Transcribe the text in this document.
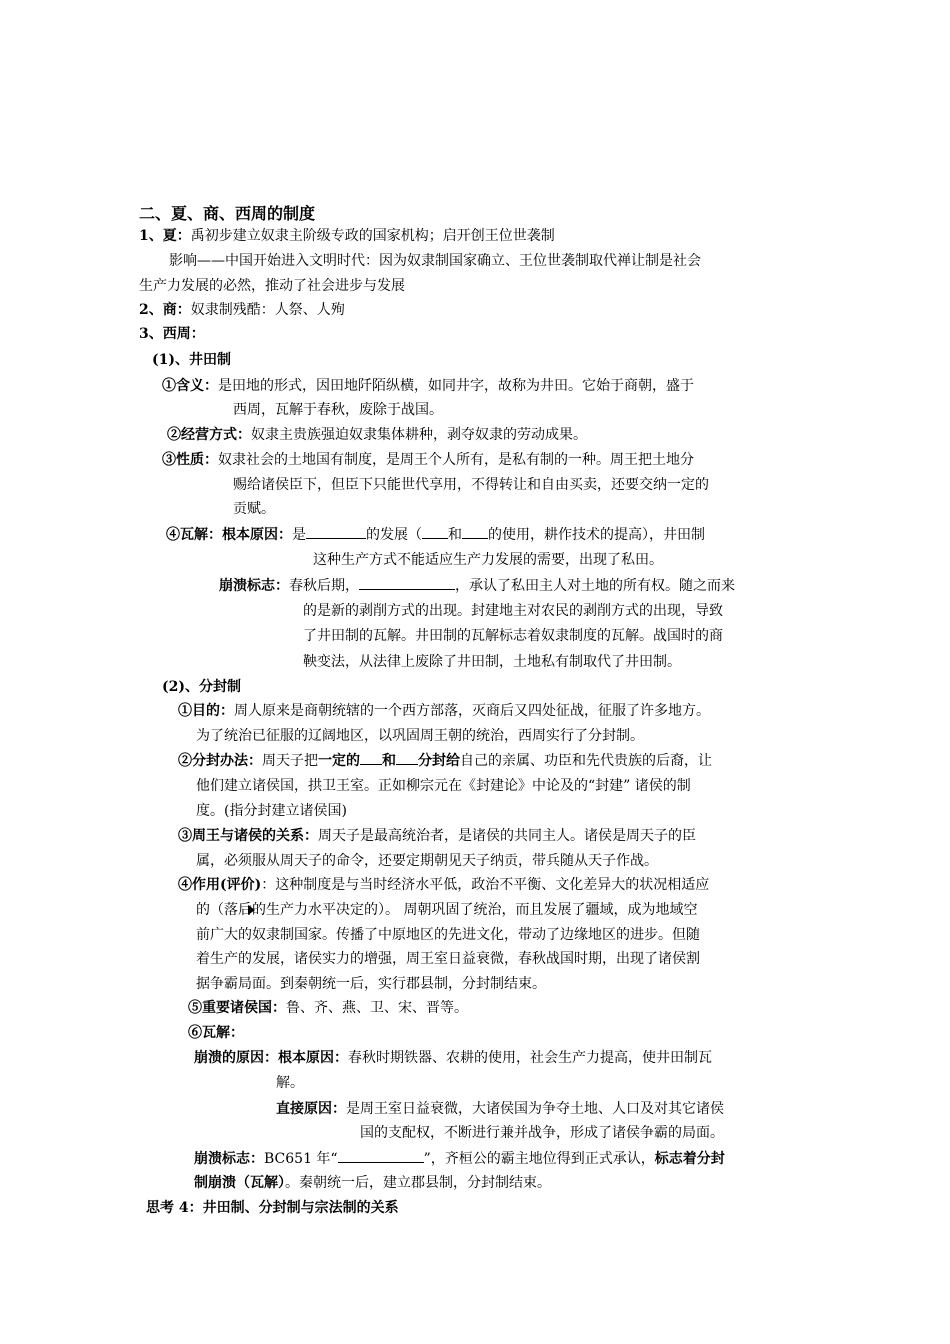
二、夏、商、西周的制度
1、夏：禹初步建立奴隶主阶级专政的国家机构；启开创王位世袭制
影响——中国开始进入文明时代：因为奴隶制国家确立、王位世袭制取代禅让制是社会
生产力发展的必然，推动了社会进步与发展
2、商：奴隶制残酷：人祭、人殉
3、西周：
(1)、井田制
①含义：是田地的形式，因田地阡陌纵横，如同井字，故称为井田。它始于商朝，盛于
西周，瓦解于春秋，废除于战国。
②经营方式：奴隶主贵族强迫奴隶集体耕种，剥夺奴隶的劳动成果。
③性质：奴隶社会的土地国有制度，是周王个人所有，是私有制的一种。周王把土地分
赐给诸侯臣下，但臣下只能世代享用，不得转让和自由买卖，还要交纳一定的
贡赋。
④瓦解：根本原因：是	的发展（ 和 的使用，耕作技术的提高），井田制
这种生产方式不能适应生产力发展的需要，出现了私田。
崩溃标志：春秋后期，	，承认了私田主人对土地的所有权。随之而来
的是新的剥削方式的出现。封建地主对农民的剥削方式的出现，导致
了井田制的瓦解。井田制的瓦解标志着奴隶制度的瓦解。战国时的商
鞅变法，从法律上废除了井田制，土地私有制取代了井田制。
(2)、分封制
①目的：周人原来是商朝统辖的一个西方部落，灭商后又四处征战，征服了许多地方。
为了统治已征服的辽阔地区，以巩固周王朝的统治，西周实行了分封制。
②分封办法：周天子把一定的 和 分封给自己的亲属、功臣和先代贵族的后裔，让
他们建立诸侯国，拱卫王室。正如柳宗元在《封建论》中论及的“封建” 诸侯的制
度。(指分封建立诸侯国)
③周王与诸侯的关系：周天子是最高统治者，是诸侯的共同主人。诸侯是周天子的臣
属，必须服从周天子的命令，还要定期朝见天子纳贡，带兵随从天子作战。
④作用(评价)：这种制度是与当时经济水平低，政治不平衡、文化差异大的状况相适应
的（落后的生产力水平决定的）。 周朝巩固了统治，而且发展了疆域，成为地域空
前广大的奴隶制国家。传播了中原地区的先进文化，带动了边缘地区的进步。但随
着生产的发展，诸侯实力的增强，周王室日益衰微，春秋战国时期，出现了诸侯割
据争霸局面。到秦朝统一后，实行郡县制，分封制结束。
⑤重要诸侯国：鲁、齐、燕、卫、宋、晋等。
⑥瓦解：
崩溃的原因：根本原因：春秋时期铁器、农耕的使用，社会生产力提高，使井田制瓦
解。
直接原因：是周王室日益衰微，大诸侯国为争夺土地、人口及对其它诸侯
国的支配权，不断进行兼并战争，形成了诸侯争霸的局面。
崩溃标志：BC651 年“	”，齐桓公的霸主地位得到正式承认，标志着分封
制崩溃（瓦解）。秦朝统一后，建立郡县制，分封制结束。
思考 4：井田制、分封制与宗法制的关系
